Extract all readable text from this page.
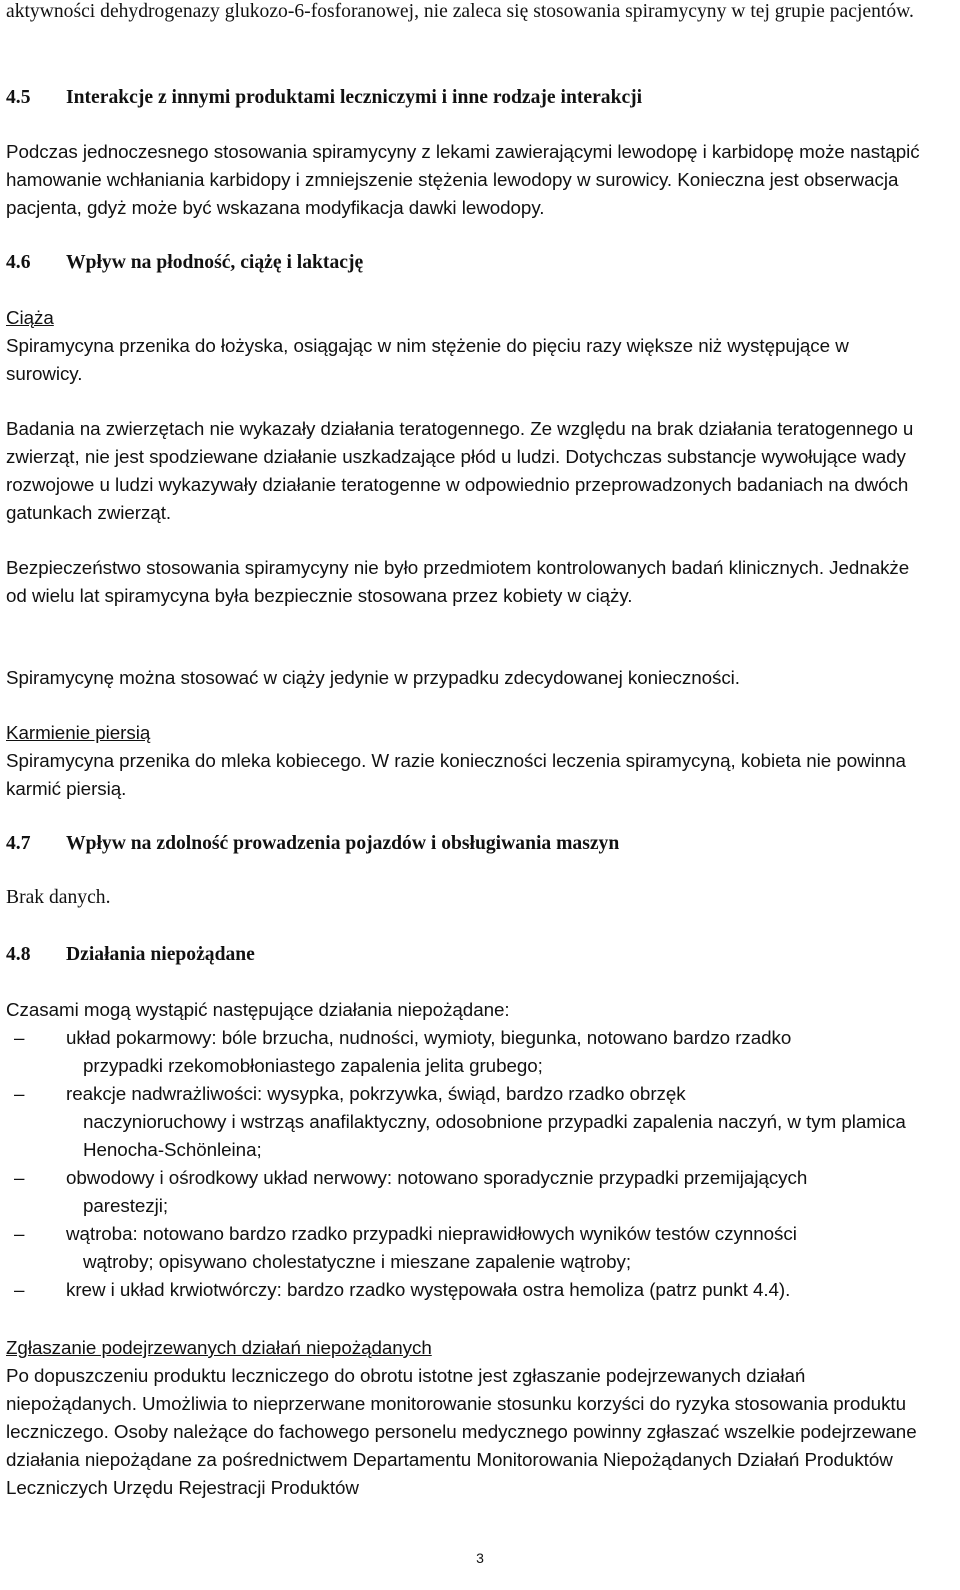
aktywności dehydrogenazy glukozo-6-fosforanowej, nie zaleca się stosowania spiramycyny w tej grupie pacjentów.

4.5	Interakcje z innymi produktami leczniczymi i inne rodzaje interakcji

Podczas jednoczesnego stosowania spiramycyny z lekami zawierającymi lewodopę i karbidopę może nastąpić hamowanie wchłaniania karbidopy i zmniejszenie stężenia lewodopy w surowicy. Konieczna jest obserwacja pacjenta, gdyż może być wskazana modyfikacja dawki lewodopy.

4.6	Wpływ na płodność, ciążę i laktację

Ciąża

Spiramycyna przenika do łożyska, osiągając w nim stężenie do pięciu razy większe niż występujące w surowicy.

Badania na zwierzętach nie wykazały działania teratogennego. Ze względu na brak działania teratogennego u zwierząt, nie jest spodziewane działanie uszkadzające płód u ludzi. Dotychczas substancje wywołujące wady rozwojowe u ludzi wykazywały działanie teratogenne w odpowiednio przeprowadzonych badaniach na dwóch gatunkach zwierząt.

Bezpieczeństwo stosowania spiramycyny nie było przedmiotem kontrolowanych badań klinicznych. Jednakże od wielu lat spiramycyna była bezpiecznie stosowana przez kobiety w ciąży.

Spiramycynę można stosować w ciąży jedynie w przypadku zdecydowanej konieczności.

Karmienie piersią

Spiramycyna przenika do mleka kobiecego. W razie konieczności leczenia spiramycyną, kobieta nie powinna karmić piersią.

4.7	Wpływ na zdolność prowadzenia pojazdów i obsługiwania maszyn

Brak danych.

4.8	Działania niepożądane

Czasami mogą wystąpić następujące działania niepożądane:

– układ pokarmowy: bóle brzucha, nudności, wymioty, biegunka, notowano bardzo rzadko
przypadki rzekomobłoniastego zapalenia jelita grubego;
– reakcje nadwrażliwości: wysypka, pokrzywka, świąd, bardzo rzadko obrzęk
naczynioruchowy i wstrząs anafilaktyczny, odosobnione przypadki zapalenia naczyń, w tym plamica Henocha-Schönleina;
– obwodowy i ośrodkowy układ nerwowy: notowano sporadycznie przypadki przemijających
parestezji;
– wątroba: notowano bardzo rzadko przypadki nieprawidłowych wyników testów czynności
wątroby; opisywano cholestatyczne i mieszane zapalenie wątroby;
– krew i układ krwiotwórczy: bardzo rzadko występowała ostra hemoliza (patrz punkt 4.4).

Zgłaszanie podejrzewanych działań niepożądanych

Po dopuszczeniu produktu leczniczego do obrotu istotne jest zgłaszanie podejrzewanych działań niepożądanych. Umożliwia to nieprzerwane monitorowanie stosunku korzyści do ryzyka stosowania produktu leczniczego. Osoby należące do fachowego personelu medycznego powinny zgłaszać wszelkie podejrzewane działania niepożądane za pośrednictwem Departamentu Monitorowania Niepożądanych Działań Produktów Leczniczych Urzędu Rejestracji Produktów

3
